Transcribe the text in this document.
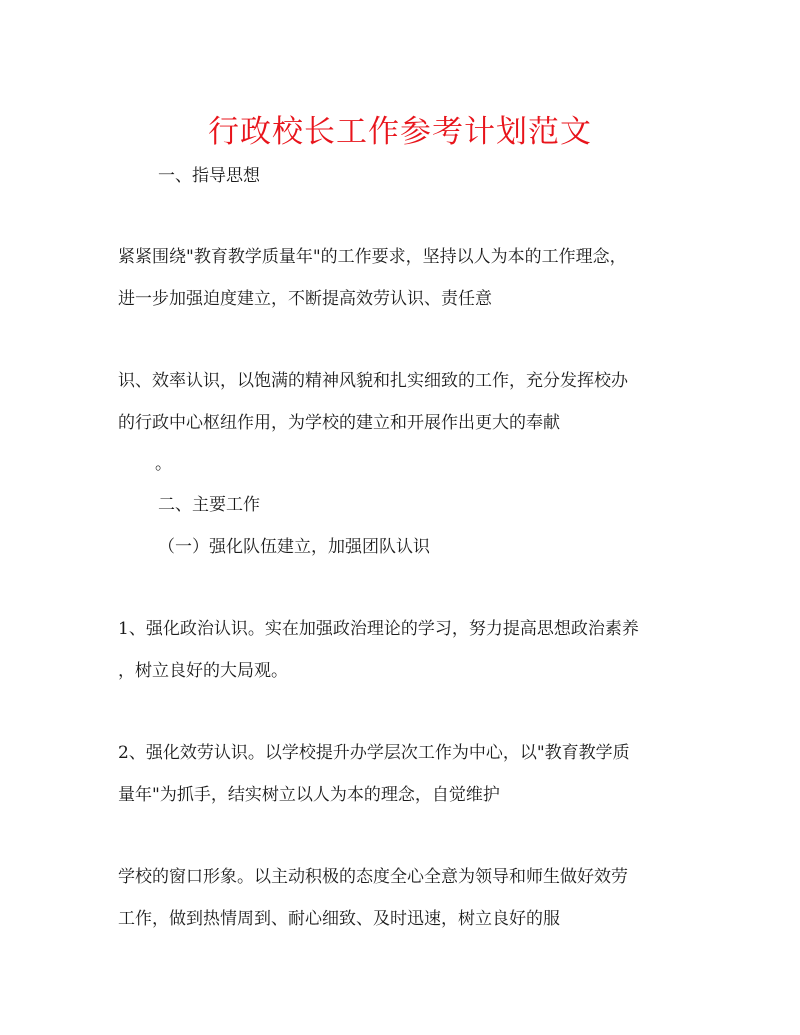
行政校长工作参考计划范文

一、指导思想

紧紧围绕"教育教学质量年"的工作要求，坚持以人为本的工作理念，

进一步加强迫度建立，不断提高效劳认识、责任意

识、效率认识，以饱满的精神风貌和扎实细致的工作，充分发挥校办

的行政中心枢纽作用，为学校的建立和开展作出更大的奉献

。

二、主要工作

（一）强化队伍建立，加强团队认识

1、强化政治认识。实在加强政治理论的学习，努力提高思想政治素养

，树立良好的大局观。

2、强化效劳认识。以学校提升办学层次工作为中心，以"教育教学质

量年"为抓手，结实树立以人为本的理念，自觉维护

学校的窗口形象。以主动积极的态度全心全意为领导和师生做好效劳

工作，做到热情周到、耐心细致、及时迅速，树立良好的服
